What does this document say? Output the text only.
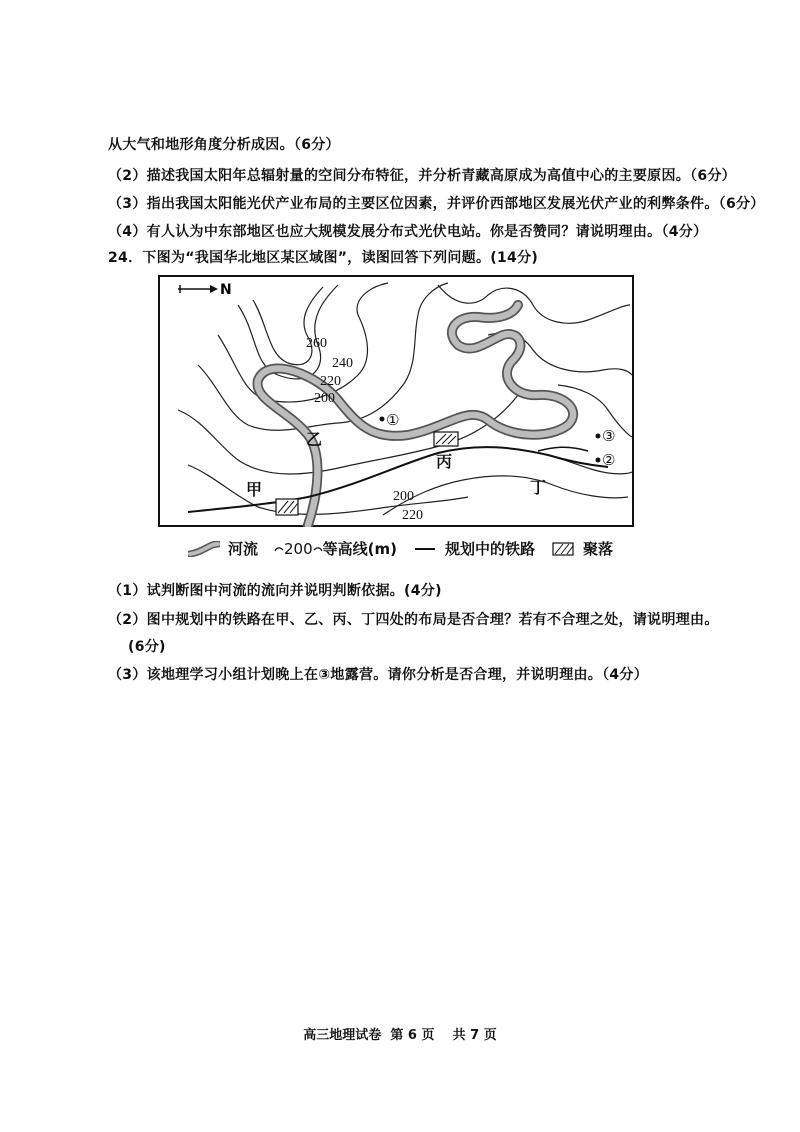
从大气和地形角度分析成因。（6分）
（2）描述我国太阳年总辐射量的空间分布特征，并分析青藏高原成为高值中心的主要原因。（6分）
（3）指出我国太阳能光伏产业布局的主要区位因素，并评价西部地区发展光伏产业的利弊条件。（6分）
（4）有人认为中东部地区也应大规模发展分布式光伏电站。你是否赞同？请说明理由。（4分）
24．下图为“我国华北地区某区域图”，读图回答下列问题。(14分)
N
260
240
220
200
200
220
①
③
②
甲
乙
丙
丁
河流 200 等高线(m)	规划中的铁路	聚落
（1）试判断图中河流的流向并说明判断依据。(4分)
（2）图中规划中的铁路在甲、乙、丙、丁四处的布局是否合理？若有不合理之处，请说明理由。
(6分)
（3）该地理学习小组计划晚上在③地露营。请你分析是否合理，并说明理由。（4分）
高三地理试卷 第 6 页 共 7 页
